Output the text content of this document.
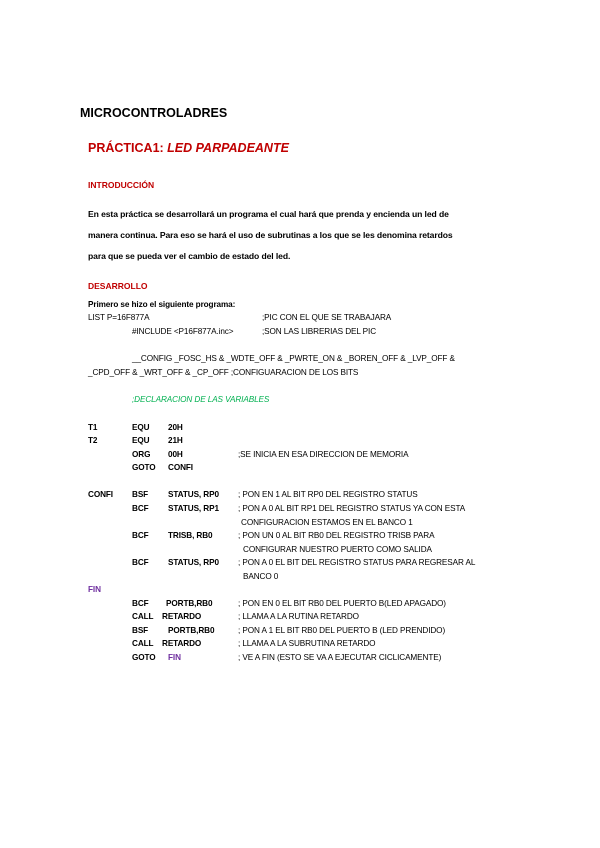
MICROCONTROLADRES
PRÁCTICA1: LED PARPADEANTE
INTRODUCCIÓN
En esta práctica se desarrollará un programa el cual hará que prenda y encienda un led de
manera continua. Para eso se hará el uso de subrutinas a los que se les denomina retardos
para que se pueda ver el cambio de estado del led.
DESARROLLO
Primero se hizo el siguiente programa:
LIST P=16F877A	;PIC CON EL QUE SE TRABAJARA
#INCLUDE <P16F877A.inc>	;SON LAS LIBRERIAS DEL PIC
__CONFIG _FOSC_HS & _WDTE_OFF & _PWRTE_ON & _BOREN_OFF & _LVP_OFF &
_CPD_OFF & _WRT_OFF & _CP_OFF ;CONFIGUARACION DE LOS BITS
;DECLARACION DE LAS VARIABLES
T1	EQU 20H
T2	EQU 21H
ORG 00H	;SE INICIA EN ESA DIRECCION DE MEMORIA
GOTO CONFI
CONFI BSF STATUS, RP0 ; PON EN 1 AL BIT RP0 DEL REGISTRO STATUS
BCF STATUS, RP1 ; PON A 0 AL BIT RP1 DEL REGISTRO STATUS YA CON ESTA
CONFIGURACION ESTAMOS EN EL BANCO 1
BCF TRISB, RB0	; PON UN 0 AL BIT RB0 DEL REGISTRO TRISB PARA
CONFIGURAR NUESTRO PUERTO COMO SALIDA
BCF STATUS, RP0 ; PON A 0 EL BIT DEL REGISTRO STATUS PARA REGRESAR AL
BANCO 0
FIN
BCF PORTB,RB0	; PON EN 0 EL BIT RB0 DEL PUERTO B(LED APAGADO)
CALL RETARDO	; LLAMA A LA RUTINA RETARDO
BSF PORTB,RB0	; PON A 1 EL BIT RB0 DEL PUERTO B (LED PRENDIDO)
CALL RETARDO	; LLAMA A LA SUBRUTINA RETARDO
GOTO FIN	; VE A FIN (ESTO SE VA A EJECUTAR CICLICAMENTE)
